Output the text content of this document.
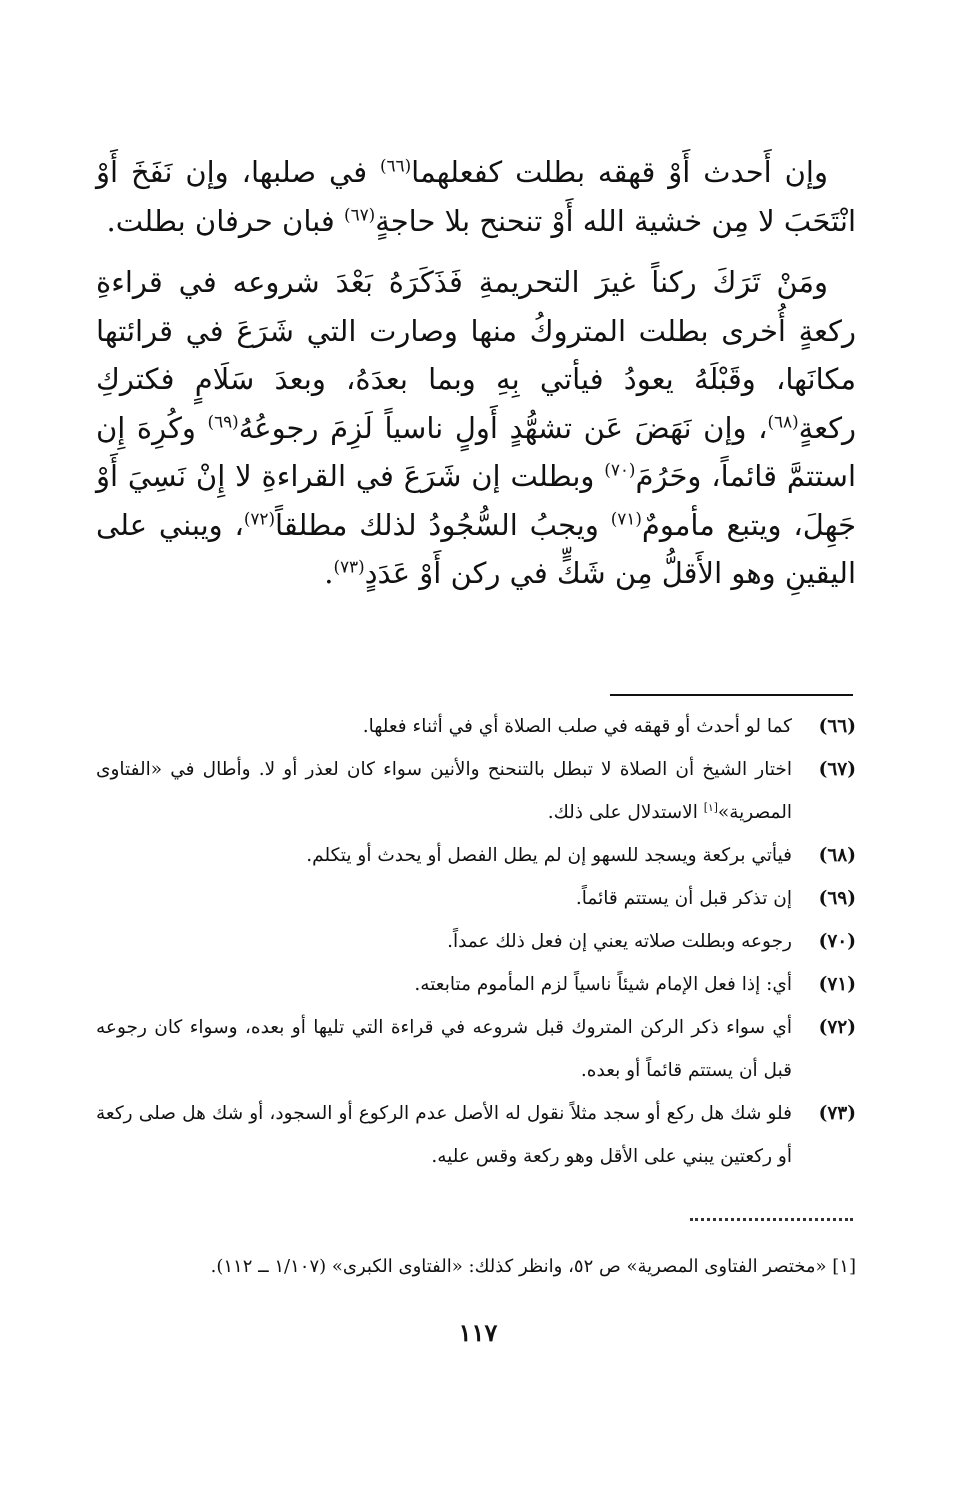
وإن أَحدث أَوْ قهقه بطلت كفعلهما$^{(٦٦)}$ في صلبها، وإن نَفَخَ أَوْ انْتَحَبَ لا مِن خشية الله أَوْ تنحنح بلا حاجةٍ$^{(٦٧)}$ فبان حرفان بطلت.

ومَنْ تَرَكَ ركناً غيرَ التحريمةِ فَذَكَرَهُ بَعْدَ شروعه في قراءةِ ركعةٍ أُخرى بطلت المتروكُ منها وصارت التي شَرَعَ في قرائتها مكانَها، وقَبْلَهُ يعودُ فيأتي بِهِ وبما بعدَهُ، وبعدَ سَلَامٍ فكتركِ ركعةٍ$^{(٦٨)}$، وإن نَهَضَ عَن تشهُّدٍ أَولٍ ناسياً لَزِمَ رجوعُهُ$^{(٦٩)}$ وكُرِهَ إِن استتمَّ قائماً، وحَرُمَ$^{(٧٠)}$ وبطلت إن شَرَعَ في القراءةِ لا إِنْ نَسِيَ أَوْ جَهِلَ، ويتبع مأمومٌ$^{(٧١)}$ ويجبُ السُّجُودُ لذلك مطلقاً$^{(٧٢)}$، ويبني على اليقينِ وهو الأَقلُّ مِن شَكٍّ في ركن أَوْ عَدَدٍ$^{(٧٣)}$.

(٦٦)
كما لو أحدث أو قهقه في صلب الصلاة أي في أثناء فعلها.
(٦٧)
اختار الشيخ أن الصلاة لا تبطل بالتنحنح والأنين سواء كان لعذر أو لا. وأطال في «الفتاوى المصرية»[١] الاستدلال على ذلك.
(٦٨)
فيأتي بركعة ويسجد للسهو إن لم يطل الفصل أو يحدث أو يتكلم.
(٦٩)
إن تذكر قبل أن يستتم قائماً.
(٧٠)
رجوعه وبطلت صلاته يعني إن فعل ذلك عمداً.
(٧١)
أي: إذا فعل الإمام شيئاً ناسياً لزم المأموم متابعته.
(٧٢)
أي سواء ذكر الركن المتروك قبل شروعه في قراءة التي تليها أو بعده، وسواء كان رجوعه قبل أن يستتم قائماً أو بعده.
(٧٣)
فلو شك هل ركع أو سجد مثلاً نقول له الأصل عدم الركوع أو السجود، أو شك هل صلى ركعة أو ركعتين يبني على الأقل وهو ركعة وقس عليه.
[١] «مختصر الفتاوى المصرية» ص ٥٢، وانظر كذلك: «الفتاوى الكبرى» (١/١٠٧ ــ ١١٢).
١١٧
